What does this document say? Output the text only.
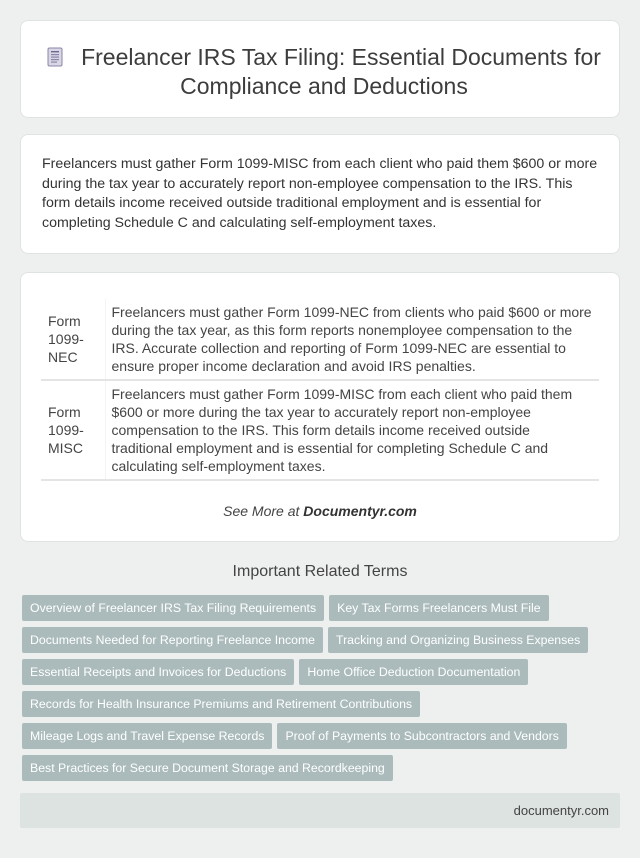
Freelancer IRS Tax Filing: Essential Documents for Compliance and Deductions

Freelancers must gather Form 1099-MISC from each client who paid them $600 or more during the tax year to accurately report non-employee compensation to the IRS. This form details income received outside traditional employment and is essential for completing Schedule C and calculating self-employment taxes.

Form 1099-NEC	Freelancers must gather Form 1099-NEC from clients who paid $600 or more during the tax year, as this form reports nonemployee compensation to the IRS. Accurate collection and reporting of Form 1099-NEC are essential to ensure proper income declaration and avoid IRS penalties.
Form 1099-MISC	Freelancers must gather Form 1099-MISC from each client who paid them $600 or more during the tax year to accurately report non-employee compensation to the IRS. This form details income received outside traditional employment and is essential for completing Schedule C and calculating self-employment taxes.
See More at Documentyr.com
Important Related Terms
Overview of Freelancer IRS Tax Filing Requirements Key Tax Forms Freelancers Must File
Documents Needed for Reporting Freelance Income Tracking and Organizing Business Expenses
Essential Receipts and Invoices for Deductions Home Office Deduction Documentation
Records for Health Insurance Premiums and Retirement Contributions
Mileage Logs and Travel Expense Records Proof of Payments to Subcontractors and Vendors
Best Practices for Secure Document Storage and Recordkeeping
documentyr.com
